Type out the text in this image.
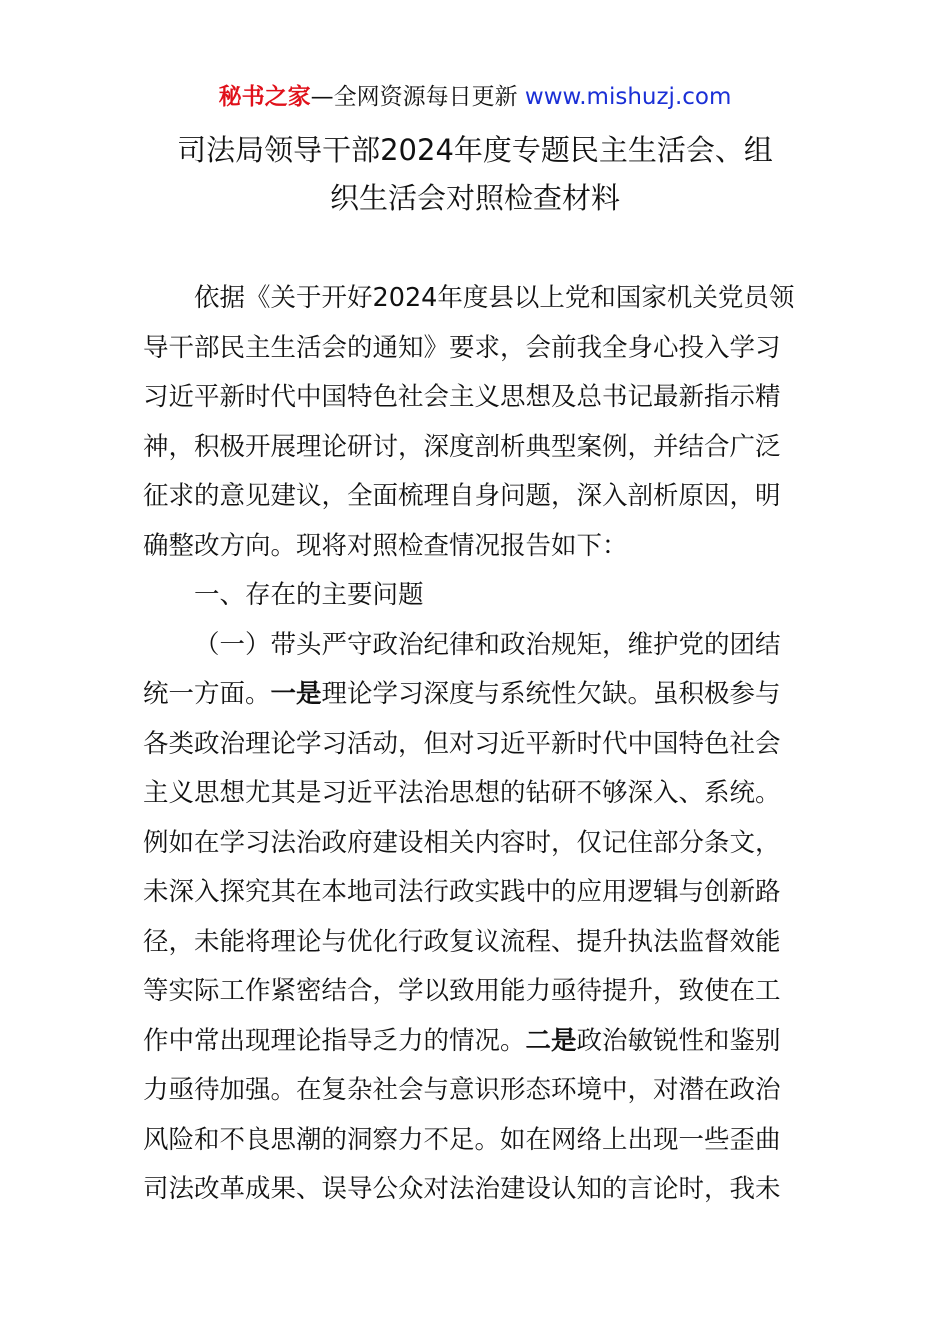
秘书之家—全网资源每日更新 www.mishuzj.com
司法局领导干部2024年度专题民主生活会、组
织生活会对照检查材料
依据《关于开好2024年度县以上党和国家机关党员领
导干部民主生活会的通知》要求，会前我全身心投入学习
习近平新时代中国特色社会主义思想及总书记最新指示精
神，积极开展理论研讨，深度剖析典型案例，并结合广泛
征求的意见建议，全面梳理自身问题，深入剖析原因，明
确整改方向。现将对照检查情况报告如下：
一、存在的主要问题
（一）带头严守政治纪律和政治规矩，维护党的团结
统一方面。一是理论学习深度与系统性欠缺。虽积极参与
各类政治理论学习活动，但对习近平新时代中国特色社会
主义思想尤其是习近平法治思想的钻研不够深入、系统。
例如在学习法治政府建设相关内容时，仅记住部分条文，
未深入探究其在本地司法行政实践中的应用逻辑与创新路
径，未能将理论与优化行政复议流程、提升执法监督效能
等实际工作紧密结合，学以致用能力亟待提升，致使在工
作中常出现理论指导乏力的情况。二是政治敏锐性和鉴别
力亟待加强。在复杂社会与意识形态环境中，对潜在政治
风险和不良思潮的洞察力不足。如在网络上出现一些歪曲
司法改革成果、误导公众对法治建设认知的言论时，我未
